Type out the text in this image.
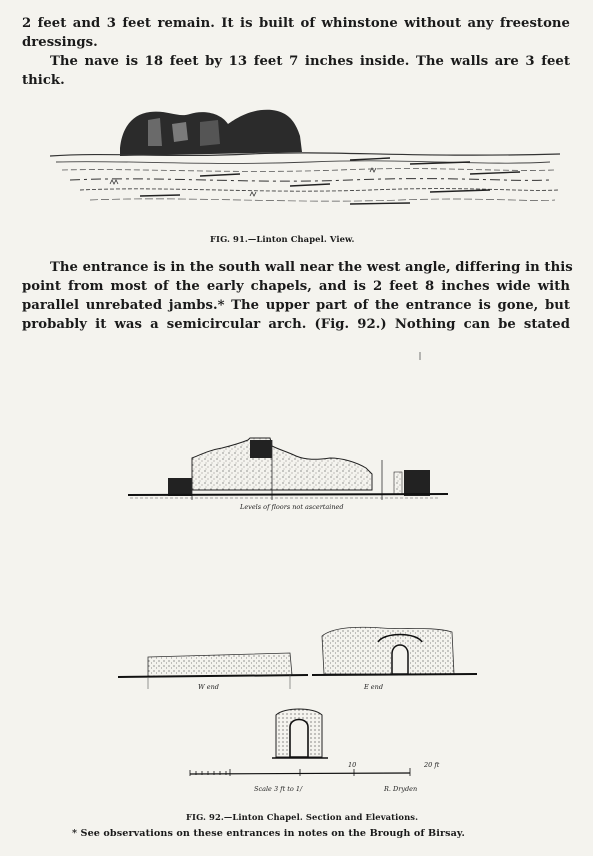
2 feet and 3 feet remain. It is built of whinstone without any freestone
dressings.
The nave is 18 feet by 13 feet 7 inches inside. The walls are 3 feet
thick.
FIG. 91.—Linton Chapel. View.
The entrance is in the south wall near the west angle, differing in this
point from most of the early chapels, and is 2 feet 8 inches wide with
parallel unrebated jambs.* The upper part of the entrance is gone, but
probably it was a semicircular arch. (Fig. 92.) Nothing can be stated
Levels of floors not ascertained
W end	E end
10	20 ft
Scale 3 ft to 1/	R. Dryden
FIG. 92.—Linton Chapel. Section and Elevations.
* See observations on these entrances in notes on the Brough of Birsay.
